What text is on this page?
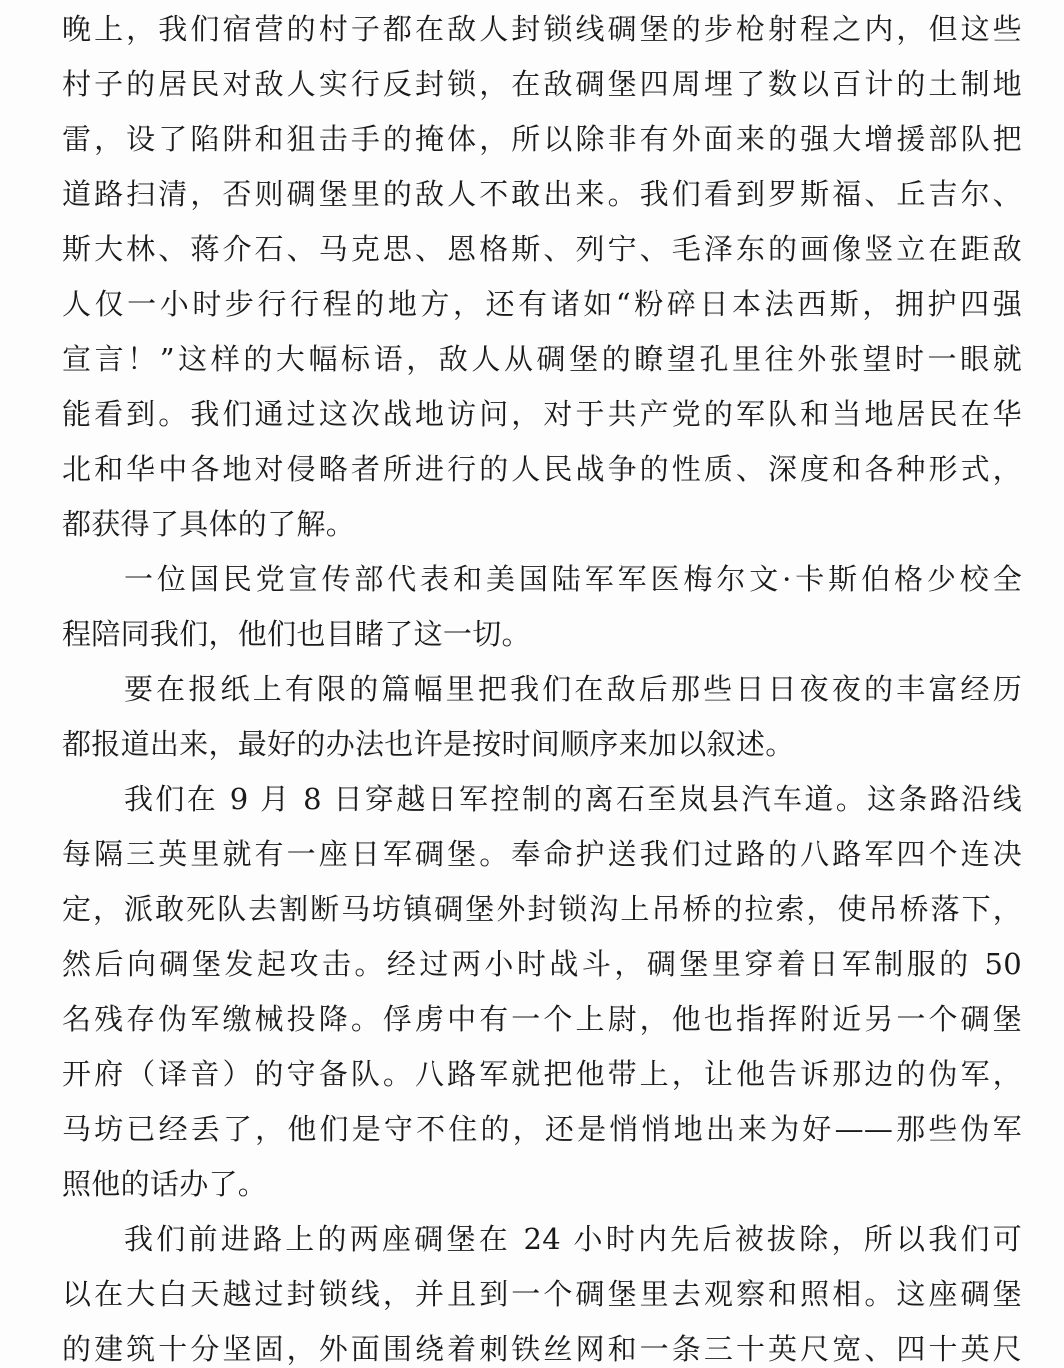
晚上，我们宿营的村子都在敌人封锁线碉堡的步枪射程之内，但这些
村子的居民对敌人实行反封锁，在敌碉堡四周埋了数以百计的土制地
雷，设了陷阱和狙击手的掩体，所以除非有外面来的强大增援部队把
道路扫清，否则碉堡里的敌人不敢出来。我们看到罗斯福、丘吉尔、
斯大林、蒋介石、马克思、恩格斯、列宁、毛泽东的画像竖立在距敌
人仅一小时步行行程的地方，还有诸如“粉碎日本法西斯，拥护四强
宣言！”这样的大幅标语，敌人从碉堡的瞭望孔里往外张望时一眼就
能看到。我们通过这次战地访问，对于共产党的军队和当地居民在华
北和华中各地对侵略者所进行的人民战争的性质、深度和各种形式，
都获得了具体的了解。
一位国民党宣传部代表和美国陆军军医梅尔文·卡斯伯格少校全
程陪同我们，他们也目睹了这一切。
要在报纸上有限的篇幅里把我们在敌后那些日日夜夜的丰富经历
都报道出来，最好的办法也许是按时间顺序来加以叙述。
我们在 9 月 8 日穿越日军控制的离石至岚县汽车道。这条路沿线
每隔三英里就有一座日军碉堡。奉命护送我们过路的八路军四个连决
定，派敢死队去割断马坊镇碉堡外封锁沟上吊桥的拉索，使吊桥落下，
然后向碉堡发起攻击。经过两小时战斗，碉堡里穿着日军制服的 50
名残存伪军缴械投降。俘虏中有一个上尉，他也指挥附近另一个碉堡
开府（译音）的守备队。八路军就把他带上，让他告诉那边的伪军，
马坊已经丢了，他们是守不住的，还是悄悄地出来为好——那些伪军
照他的话办了。
我们前进路上的两座碉堡在 24 小时内先后被拔除，所以我们可
以在大白天越过封锁线，并且到一个碉堡里去观察和照相。这座碉堡
的建筑十分坚固，外面围绕着刺铁丝网和一条三十英尺宽、四十英尺
